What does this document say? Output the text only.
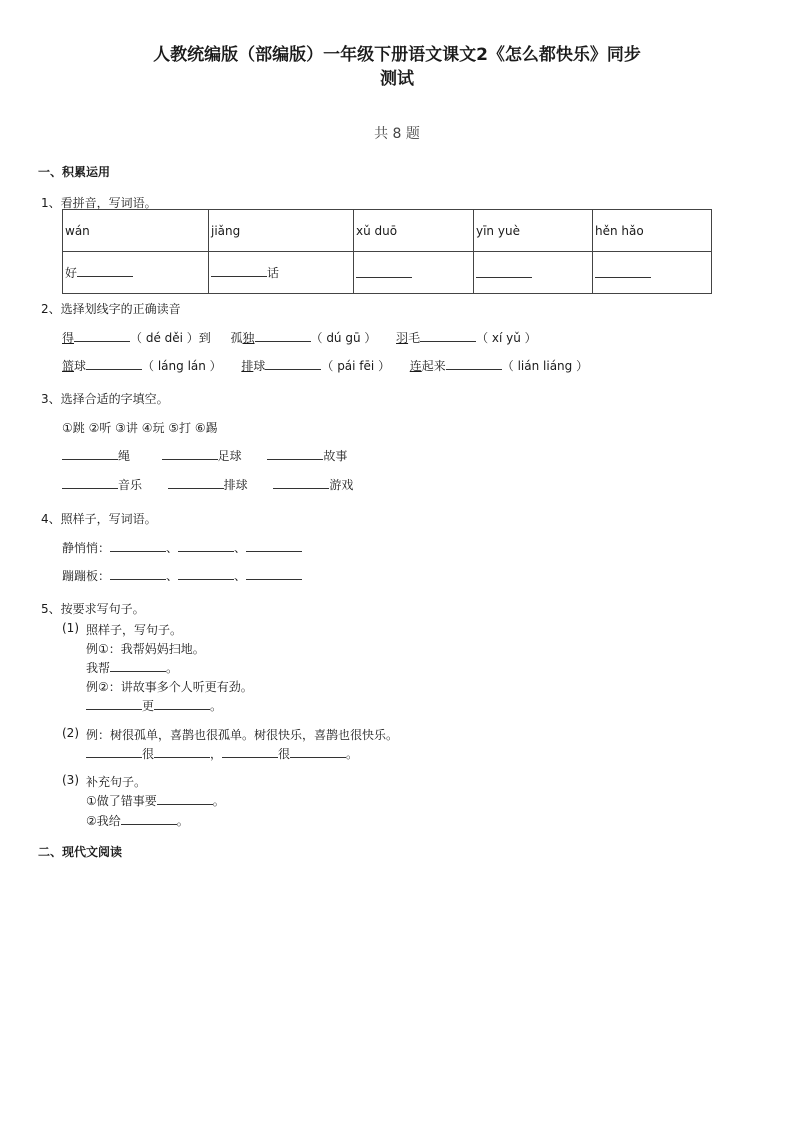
人教统编版（部编版）一年级下册语文课文2《怎么都快乐》同步
测试
共 8 题
一、积累运用
1、看拼音，写词语。
wán	jiǎng	xǔ duō	yīn yuè	hěn hǎo
好	话			
2、选择划线字的正确读音
得	（ dé děi ）到 孤独	（ dú gū ） 羽毛	（ xí yǔ ）
篮球	（ láng lán ） 排球	（ pái fēi ） 连起来	（ lián liáng ）
3、选择合适的字填空。
①跳 ②听 ③讲 ④玩 ⑤打 ⑥踢
绳	足球	故事
音乐	排球	游戏
4、照样子，写词语。
静悄悄：	、	、
蹦蹦板：	、	、
5、按要求写句子。
(1) 照样子，写句子。
例①：我帮妈妈扫地。
我帮	。
例②：讲故事多个人听更有劲。
更	。
(2) 例：树很孤单，喜鹊也很孤单。树很快乐，喜鹊也很快乐。
很	，	很	。
(3) 补充句子。
①做了错事要	。
②我给	。
二、现代文阅读
